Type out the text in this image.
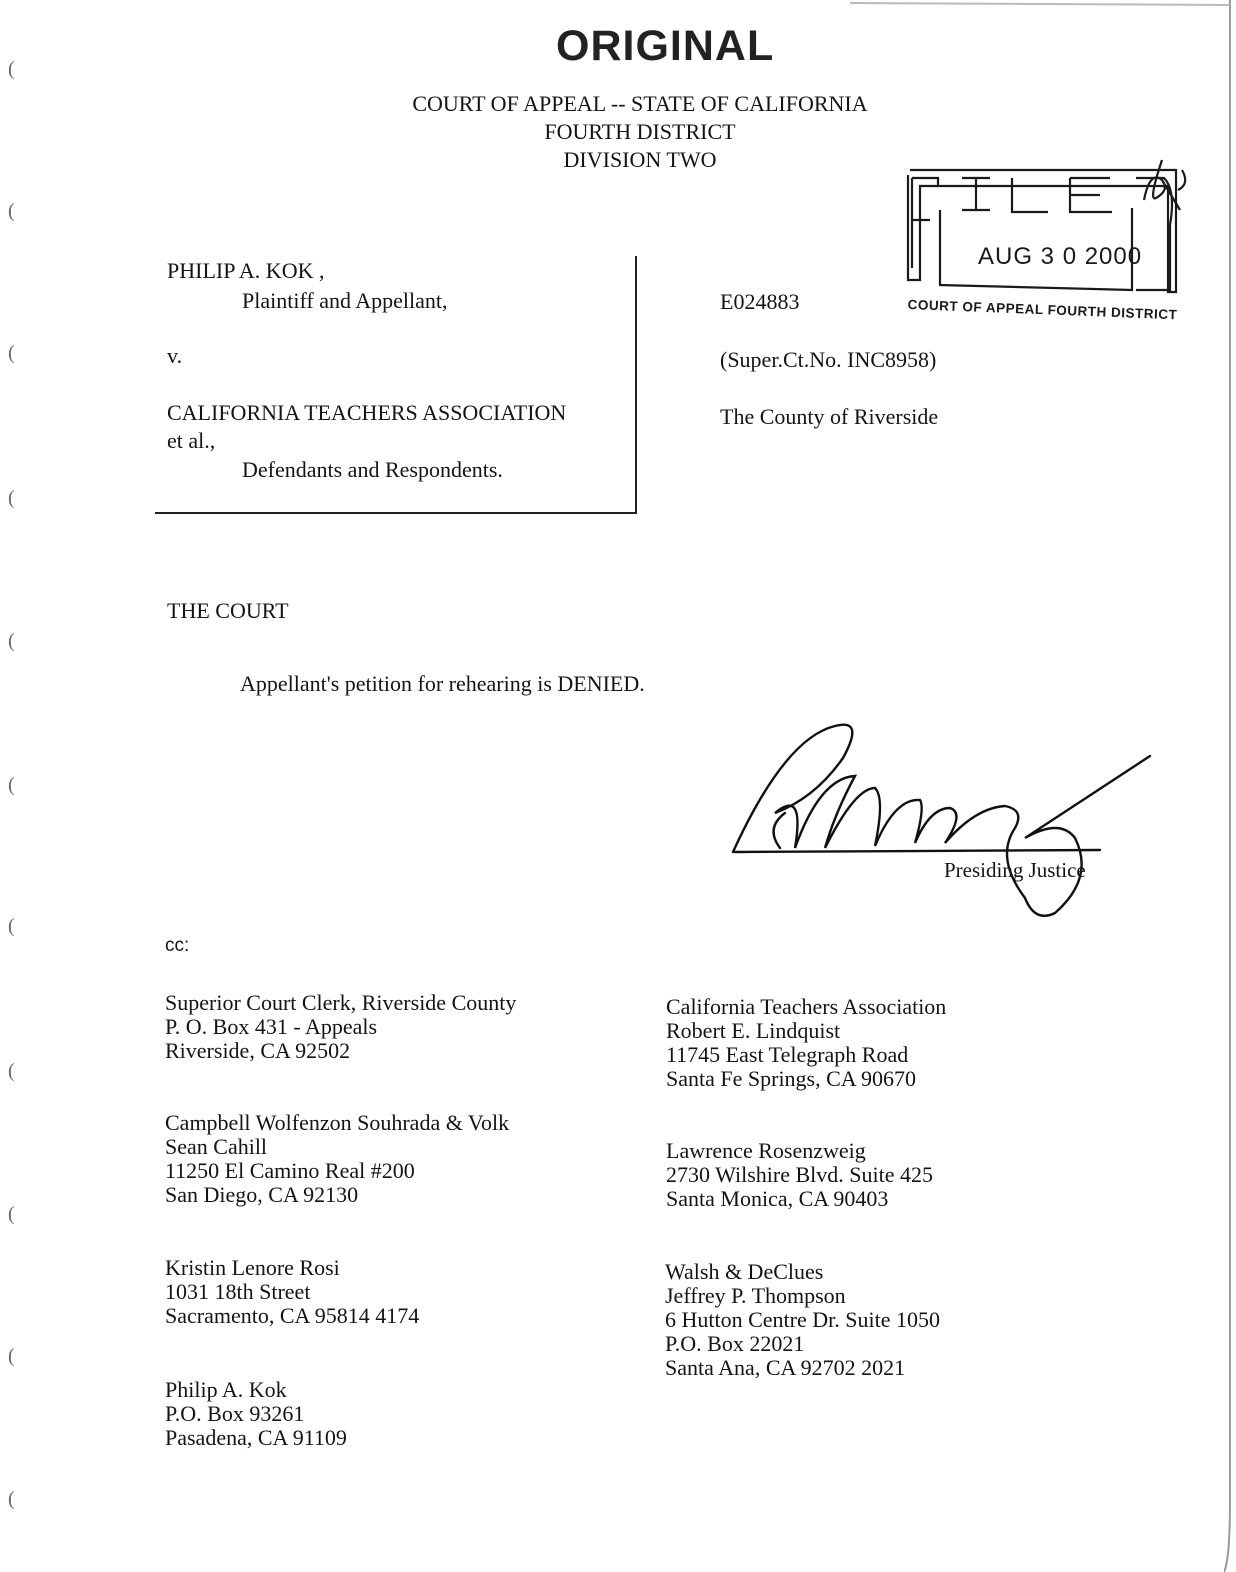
(
(
(
(
(
(
(
(
(
(
(
ORIGINAL
COURT OF APPEAL -- STATE OF CALIFORNIA
FOURTH DISTRICT
DIVISION TWO
AUG 3 0 2000
COURT OF APPEAL FOURTH DISTRICT
PHILIP A. KOK ,
Plaintiff and Appellant,
v.
CALIFORNIA TEACHERS ASSOCIATION
et al.,
Defendants and Respondents.
E024883
(Super.Ct.No. INC8958)
The County of Riverside
THE COURT
Appellant's petition for rehearing is DENIED.
Presiding Justice
cc:
Superior Court Clerk, Riverside County
P. O. Box 431 - Appeals
Riverside, CA 92502
Campbell Wolfenzon Souhrada & Volk
Sean Cahill
11250 El Camino Real #200
San Diego, CA 92130
Kristin Lenore Rosi
1031 18th Street
Sacramento, CA 95814 4174
Philip A. Kok
P.O. Box 93261
Pasadena, CA 91109
California Teachers Association
Robert E. Lindquist
11745 East Telegraph Road
Santa Fe Springs, CA 90670
Lawrence Rosenzweig
2730 Wilshire Blvd. Suite 425
Santa Monica, CA 90403
Walsh & DeClues
Jeffrey P. Thompson
6 Hutton Centre Dr. Suite 1050
P.O. Box 22021
Santa Ana, CA 92702 2021
